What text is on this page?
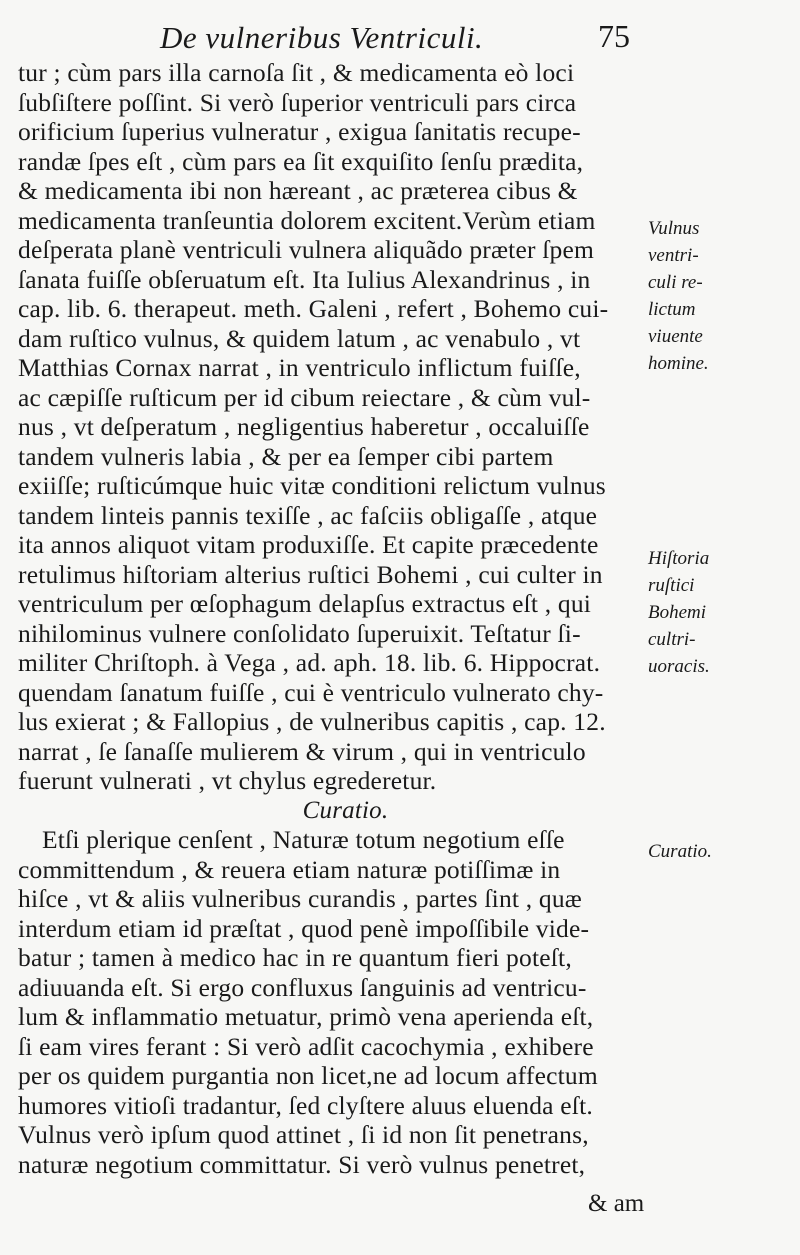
De vulneribus Ventriculi.	75
tur ; cùm pars illa carnoſa ſit , & medicamenta eò loci
ſubſiſtere poſſint. Si verò ſuperior ventriculi pars circa
orificium ſuperius vulneratur , exigua ſanitatis recupe-
randæ ſpes eſt , cùm pars ea ſit exquiſito ſenſu prædita,
& medicamenta ibi non hæreant , ac præterea cibus &
medicamenta tranſeuntia dolorem excitent.Verùm etiam
deſperata planè ventriculi vulnera aliquãdo præter ſpem
ſanata fuiſſe obſeruatum eſt. Ita Iulius Alexandrinus , in
cap. lib. 6. therapeut. meth. Galeni , refert , Bohemo cui-
dam ruſtico vulnus, & quidem latum , ac venabulo , vt
Matthias Cornax narrat , in ventriculo inflictum fuiſſe,
ac cæpiſſe ruſticum per id cibum reiectare , & cùm vul-
nus , vt deſperatum , negligentius haberetur , occaluiſſe
tandem vulneris labia , & per ea ſemper cibi partem
exiiſſe; ruſticúmque huic vitæ conditioni relictum vulnus
tandem linteis pannis texiſſe , ac faſciis obligaſſe , atque
ita annos aliquot vitam produxiſſe. Et capite præcedente
retulimus hiſtoriam alterius ruſtici Bohemi , cui culter in
ventriculum per œſophagum delapſus extractus eſt , qui
nihilominus vulnere conſolidato ſuperuixit. Teſtatur ſi-
militer Chriſtoph. à Vega , ad. aph. 18. lib. 6. Hippocrat.
quendam ſanatum fuiſſe , cui è ventriculo vulnerato chy-
lus exierat ; & Fallopius , de vulneribus capitis , cap. 12.
narrat , ſe ſanaſſe mulierem & virum , qui in ventriculo
fuerunt vulnerati , vt chylus egrederetur.
Curatio.
Etſi plerique cenſent , Naturæ totum negotium eſſe
committendum , & reuera etiam naturæ potiſſimæ in
hiſce , vt & aliis vulneribus curandis , partes ſint , quæ
interdum etiam id præſtat , quod penè impoſſibile vide-
batur ; tamen à medico hac in re quantum fieri poteſt,
adiuuanda eſt. Si ergo confluxus ſanguinis ad ventricu-
lum & inflammatio metuatur, primò vena aperienda eſt,
ſi eam vires ferant : Si verò adſit cacochymia , exhibere
per os quidem purgantia non licet,ne ad locum affectum
humores vitioſi tradantur, ſed clyſtere aluus eluenda eſt.
Vulnus verò ipſum quod attinet , ſi id non ſit penetrans,
naturæ negotium committatur. Si verò vulnus penetret,
Vulnus
ventri-
culi re-
lictum
viuente
homine.
Hiſtoria
ruſtici
Bohemi
cultri-
uoracis.
Curatio.
& am
